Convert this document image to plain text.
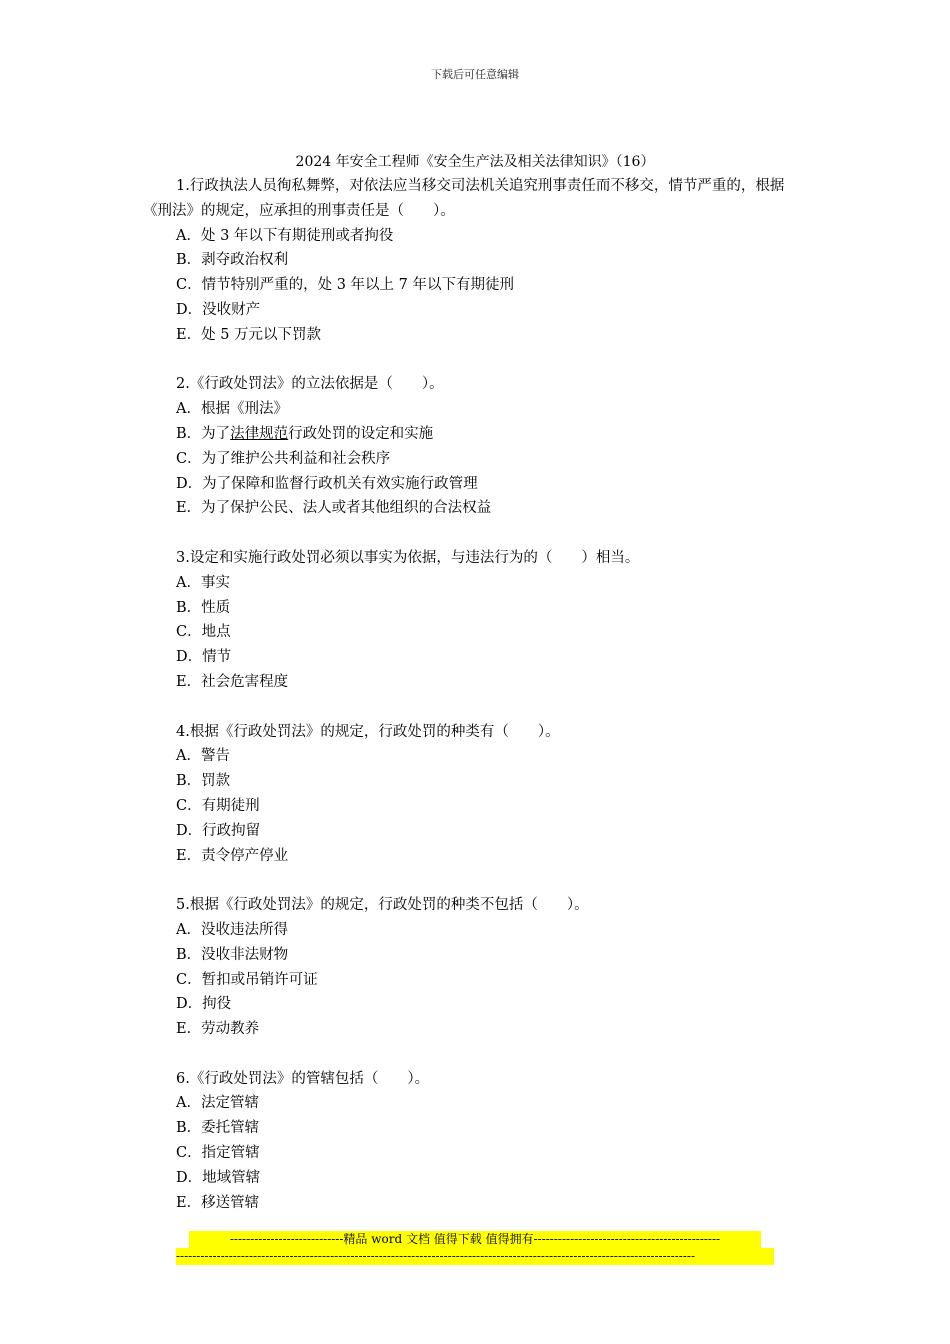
下载后可任意编辑
2024 年安全工程师《安全生产法及相关法律知识》（16）

1.行政执法人员徇私舞弊，对依法应当移交司法机关追究刑事责任而不移交，情节严重的，根据《刑法》的规定，应承担的刑事责任是（　　）。

A．处 3 年以下有期徒刑或者拘役

B．剥夺政治权利

C．情节特别严重的，处 3 年以上 7 年以下有期徒刑

D．没收财产

E．处 5 万元以下罚款

2.《行政处罚法》的立法依据是（　　）。

A．根据《刑法》

B．为了法律规范行政处罚的设定和实施

C．为了维护公共利益和社会秩序

D．为了保障和监督行政机关有效实施行政管理

E．为了保护公民、法人或者其他组织的合法权益

3.设定和实施行政处罚必须以事实为依据，与违法行为的（　　）相当。

A．事实

B．性质

C．地点

D．情节

E．社会危害程度

4.根据《行政处罚法》的规定，行政处罚的种类有（　　）。

A．警告

B．罚款

C．有期徒刑

D．行政拘留

E．责令停产停业

5.根据《行政处罚法》的规定，行政处罚的种类不包括（　　）。

A．没收违法所得

B．没收非法财物

C．暂扣或吊销许可证

D．拘役

E．劳动教养

6.《行政处罚法》的管辖包括（　　）。

A．法定管辖

B．委托管辖

C．指定管辖

D．地域管辖

E．移送管辖

----------------------------精品 word 文档 值得下载 值得拥有----------------------------------------------
--------------------------------------------------------------------------------------------------------------------------------
